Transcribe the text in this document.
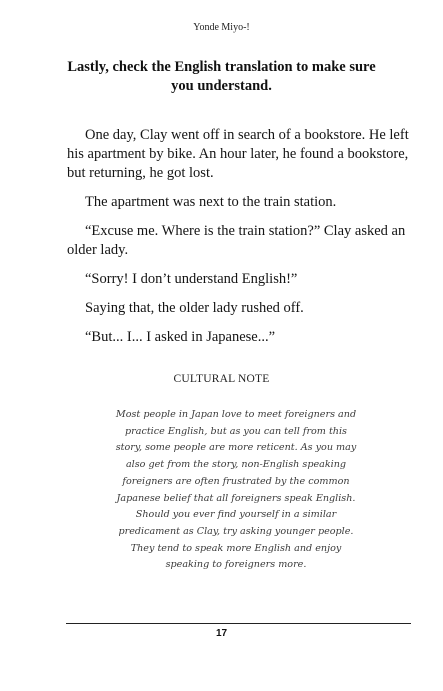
Yonde Miyo-!
Lastly, check the English translation to make sure you understand.

One day, Clay went off in search of a bookstore. He left his apartment by bike. An hour later, he found a bookstore, but returning, he got lost.

The apartment was next to the train station.

“Excuse me. Where is the train station?” Clay asked an older lady.

“Sorry! I don’t understand English!”

Saying that, the older lady rushed off.

“But... I... I asked in Japanese...”

CULTURAL NOTE
Most people in Japan love to meet foreigners and practice English, but as you can tell from this story, some people are more reticent. As you may also get from the story, non-English speaking foreigners are often frustrated by the common Japanese belief that all foreigners speak English. Should you ever find yourself in a similar predicament as Clay, try asking younger people. They tend to speak more English and enjoy speaking to foreigners more.
17
